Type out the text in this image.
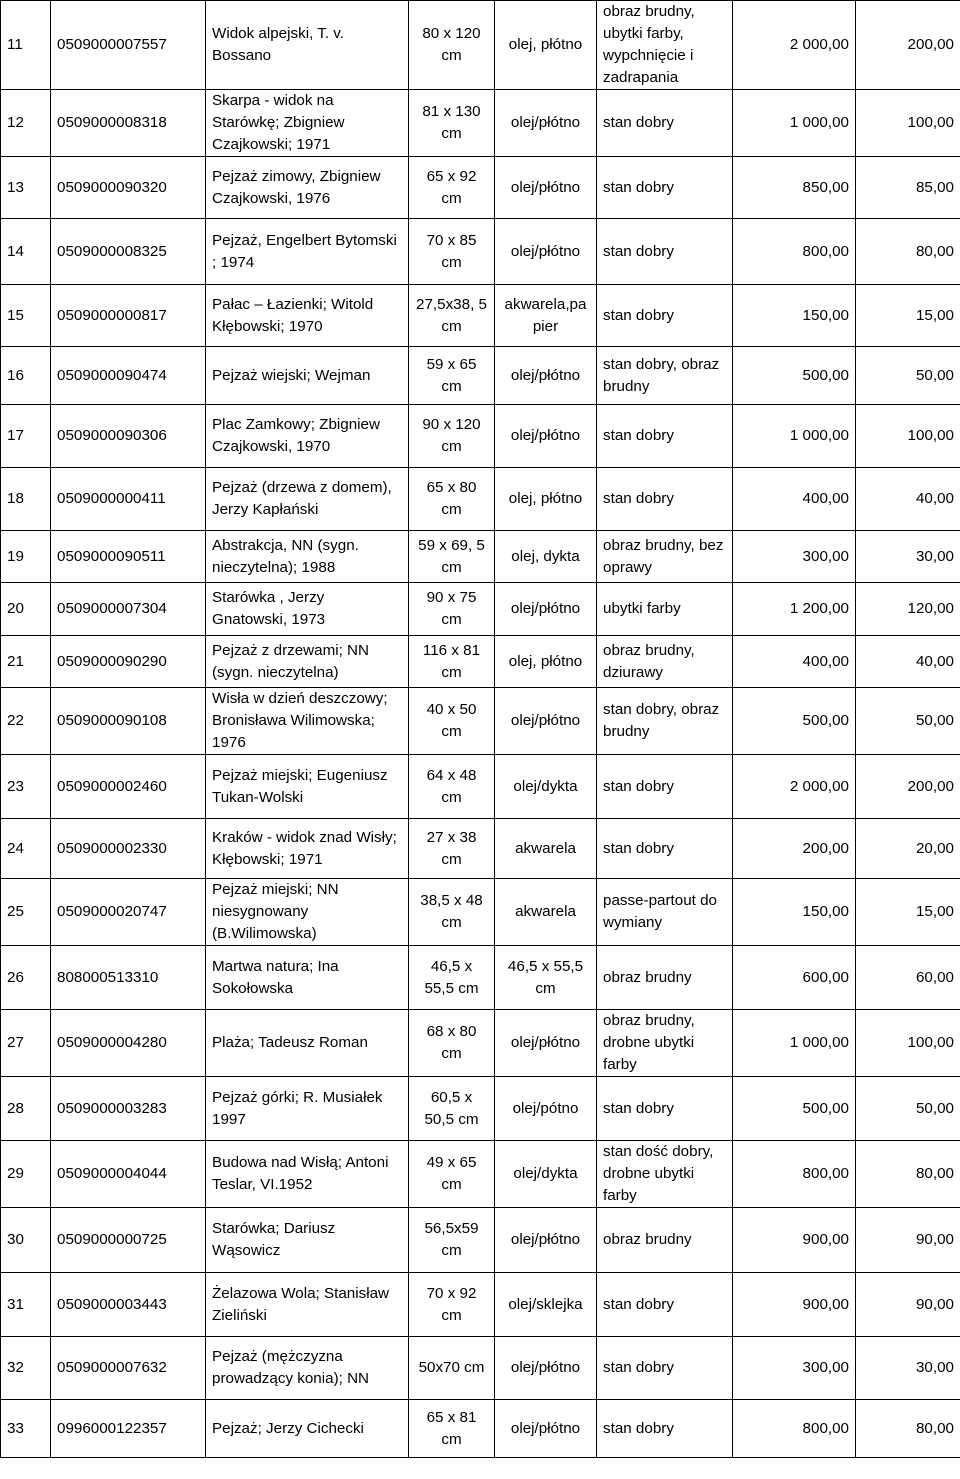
11	0509000007557	Widok alpejski, T. v. Bossano	80 x 120 cm	olej, płótno	obraz brudny, ubytki farby, wypchnięcie i zadrapania	2 000,00	200,00
12	0509000008318	Skarpa - widok na Starówkę; Zbigniew Czajkowski; 1971	81 x 130 cm	olej/płótno	stan dobry	1 000,00	100,00
13	0509000090320	Pejzaż zimowy, Zbigniew Czajkowski, 1976	65 x 92 cm	olej/płótno	stan dobry	850,00	85,00
14	0509000008325	Pejzaż, Engelbert Bytomski ; 1974	70 x 85 cm	olej/płótno	stan dobry	800,00	80,00
15	0509000000817	Pałac – Łazienki; Witold Kłębowski; 1970	27,5x38, 5 cm	akwarela,pa pier	stan dobry	150,00	15,00
16	0509000090474	Pejzaż wiejski; Wejman	59 x 65 cm	olej/płótno	stan dobry, obraz brudny	500,00	50,00
17	0509000090306	Plac Zamkowy; Zbigniew Czajkowski, 1970	90 x 120 cm	olej/płótno	stan dobry	1 000,00	100,00
18	0509000000411	Pejzaż (drzewa z domem), Jerzy Kapłański	65 x 80 cm	olej, płótno	stan dobry	400,00	40,00
19	0509000090511	Abstrakcja, NN (sygn. nieczytelna); 1988	59 x 69, 5 cm	olej, dykta	obraz brudny, bez oprawy	300,00	30,00
20	0509000007304	Starówka , Jerzy Gnatowski, 1973	90 x 75 cm	olej/płótno	ubytki farby	1 200,00	120,00
21	0509000090290	Pejzaż z drzewami; NN (sygn. nieczytelna)	116 x 81 cm	olej, płótno	obraz brudny, dziurawy	400,00	40,00
22	0509000090108	Wisła w dzień deszczowy; Bronisława Wilimowska; 1976	40 x 50 cm	olej/płótno	stan dobry, obraz brudny	500,00	50,00
23	0509000002460	Pejzaż miejski; Eugeniusz Tukan-Wolski	64 x 48 cm	olej/dykta	stan dobry	2 000,00	200,00
24	0509000002330	Kraków - widok znad Wisły; Kłębowski; 1971	27 x 38 cm	akwarela	stan dobry	200,00	20,00
25	0509000020747	Pejzaż miejski; NN niesygnowany (B.Wilimowska)	38,5 x 48 cm	akwarela	passe-partout do wymiany	150,00	15,00
26	808000513310	Martwa natura; Ina Sokołowska	46,5 x 55,5 cm	46,5 x 55,5 cm	obraz brudny	600,00	60,00
27	0509000004280	Plaża; Tadeusz Roman	68 x 80 cm	olej/płótno	obraz brudny, drobne ubytki farby	1 000,00	100,00
28	0509000003283	Pejzaż górki; R. Musiałek 1997	60,5 x 50,5 cm	olej/pótno	stan dobry	500,00	50,00
29	0509000004044	Budowa nad Wisłą; Antoni Teslar, VI.1952	49 x 65 cm	olej/dykta	stan dość dobry, drobne ubytki farby	800,00	80,00
30	0509000000725	Starówka; Dariusz Wąsowicz	56,5x59 cm	olej/płótno	obraz brudny	900,00	90,00
31	0509000003443	Żelazowa Wola; Stanisław Zieliński	70 x 92 cm	olej/sklejka	stan dobry	900,00	90,00
32	0509000007632	Pejzaż (mężczyzna prowadzący konia); NN	50x70 cm	olej/płótno	stan dobry	300,00	30,00
33	0996000122357	Pejzaż; Jerzy Cichecki	65 x 81 cm	olej/płótno	stan dobry	800,00	80,00
